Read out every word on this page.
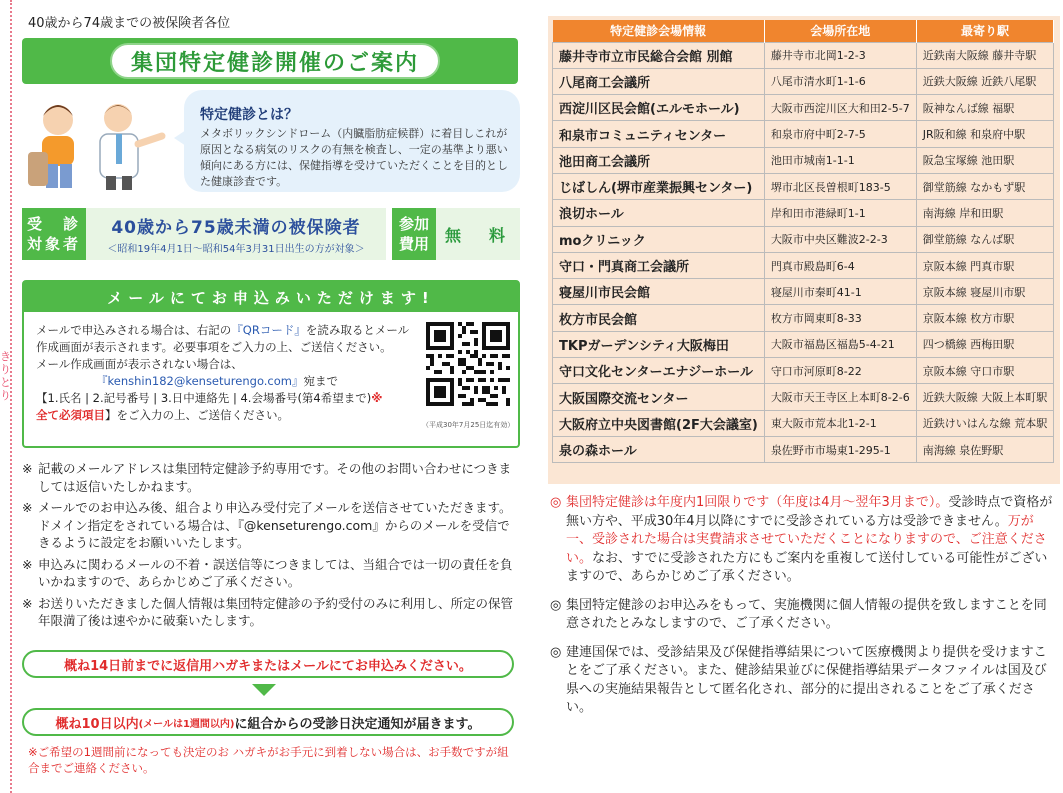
きりとり
40歳から74歳までの被保険者各位
集団特定健診開催のご案内
特定健診とは？
メタボリックシンドローム（内臓脂肪症候群）に着目しこれが原因となる病気のリスクの有無を検査し、一定の基準より悪い傾向にある方には、保健指導を受けていただくことを目的とした健康診査です。
受　診
対象者
40歳から75歳未満の被保険者
＜昭和19年4月1日～昭和54年3月31日出生の方が対象＞
参加
費用 無　料
メールにてお申込みいただけます!
メールで申込みされる場合は、右記の『QRコード』を読み取るとメール作成画面が表示されます。必要事項をご入力の上、ご送信ください。
メール作成画面が表示されない場合は、
『kenshin182@kenseturengo.com』宛まで
【1.氏名 | 2.記号番号 | 3.日中連絡先 | 4.会場番号(第4希望まで)※
全て必須項目】をご入力の上、ご送信ください。
（平成30年7月25日迄有効）
※ 記載のメールアドレスは集団特定健診予約専用です。その他のお問い合わせにつきましては返信いたしかねます。
※ メールでのお申込み後、組合より申込み受付完了メールを送信させていただきます。ドメイン指定をされている場合は、『@kenseturengo.com』からのメールを受信できるように設定をお願いいたします。
※ 申込みに関わるメールの不着・誤送信等につきましては、当組合では一切の責任を負いかねますので、あらかじめご了承ください。
※ お送りいただきました個人情報は集団特定健診の予約受付のみに利用し、所定の保管年限満了後は速やかに破棄いたします。
概ね14日前までに返信用ハガキまたはメールにてお申込みください。
概ね10日以内 (メールは1週間以内) に 組合からの受診日決定通知が届きます。
※ご希望の1週間前になっても決定のお ハガキがお手元に到着しない場合は、お手数ですが組合までご連絡ください。
特定健診会場情報	会場所在地	最寄り駅
藤井寺市立市民総合会館 別館	藤井寺市北岡1-2-3	近鉄南大阪線 藤井寺駅
八尾商工会議所	八尾市清水町1-1-6	近鉄大阪線 近鉄八尾駅
西淀川区民会館(エルモホール)	大阪市西淀川区大和田2-5-7	阪神なんば線 福駅
和泉市コミュニティセンター	和泉市府中町2-7-5	JR阪和線 和泉府中駅
池田商工会議所	池田市城南1-1-1	阪急宝塚線 池田駅
じばしん(堺市産業振興センター)	堺市北区長曽根町183-5	御堂筋線 なかもず駅
浪切ホール	岸和田市港緑町1-1	南海線 岸和田駅
moクリニック	大阪市中央区難波2-2-3	御堂筋線 なんば駅
守口・門真商工会議所	門真市殿島町6-4	京阪本線 門真市駅
寝屋川市民会館	寝屋川市秦町41-1	京阪本線 寝屋川市駅
枚方市民会館	枚方市岡東町8-33	京阪本線 枚方市駅
TKPガーデンシティ大阪梅田	大阪市福島区福島5-4-21	四つ橋線 西梅田駅
守口文化センターエナジーホール	守口市河原町8-22	京阪本線 守口市駅
大阪国際交流センター	大阪市天王寺区上本町8-2-6	近鉄大阪線 大阪上本町駅
大阪府立中央図書館(2F大会議室)	東大阪市荒本北1-2-1	近鉄けいはんな線 荒本駅
泉の森ホール	泉佐野市市場東1-295-1	南海線 泉佐野駅
◎ 集団特定健診は年度内1回限りです（年度は4月～翌年3月まで）。受診時点で資格が無い方や、平成30年4月以降にすでに受診されている方は受診できません。万が一、受診された場合は実費請求させていただくことになりますので、ご注意ください。なお、すでに受診された方にもご案内を重複して送付している可能性がございますので、あらかじめご了承ください。
◎ 集団特定健診のお申込みをもって、実施機関に個人情報の提供を致しますことを同意されたとみなしますので、ご了承ください。
◎ 建連国保では、受診結果及び保健指導結果について医療機関より提供を受けますことをご了承ください。また、健診結果並びに保健指導結果データファイルは国及び県への実施結果報告として匿名化され、部分的に提出されることをご了承ください。
